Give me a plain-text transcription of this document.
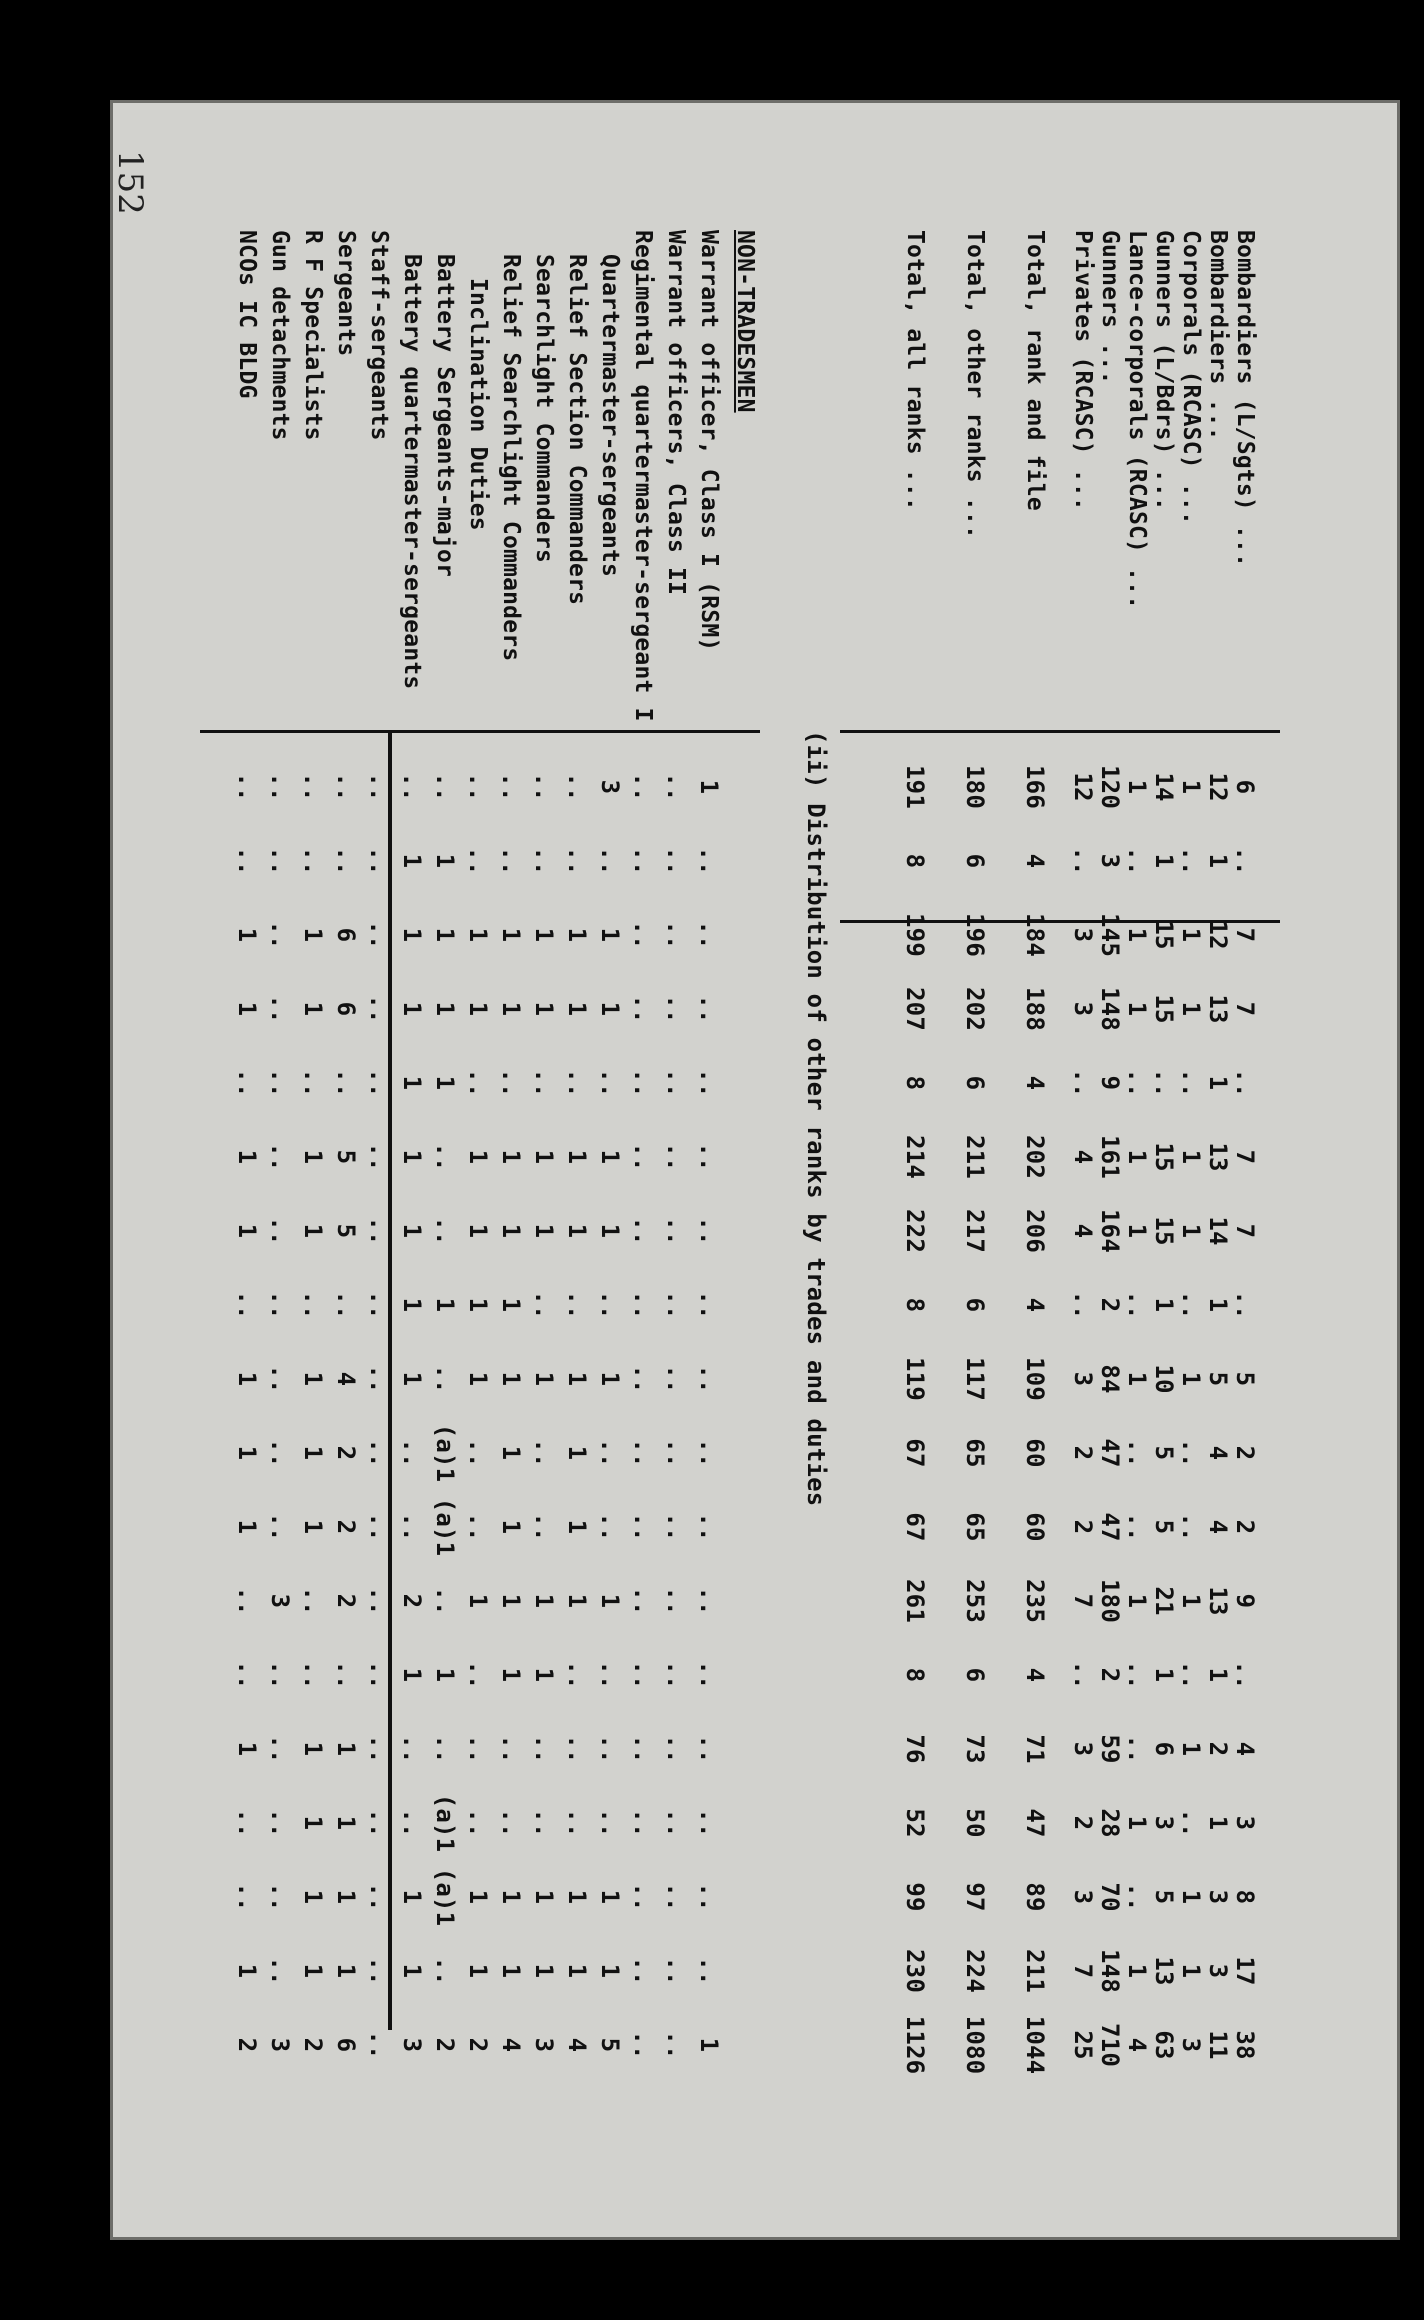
152
Bombardiers (L/Sgts) ...
6
..
7
7
..
7
7
..
5
2
2
9
..
4
3
8
17
38
Bombardiers ...
12
1
12
13
1
13
14
1
5
4
4
13
1
2
1
3
3
11
Corporals (RCASC) ...
1
..
1
1
..
1
1
..
1
..
..
1
..
1
..
1
1
3
Gunners (L/Bdrs) ...
14
1
15
15
..
15
15
1
10
5
5
21
1
6
3
5
13
63
Lance-corporals (RCASC) ...
1
..
1
1
..
1
1
..
1
..
..
1
..
..
1
..
1
4
Gunners ...
120
3
145
148
9
161
164
2
84
47
47
180
2
59
28
70
148
710
Privates (RCASC) ...
12
..
3
3
..
4
4
..
3
2
2
7
..
3
2
3
7
25
Total, rank and file
166
4
184
188
4
202
206
4
109
60
60
235
4
71
47
89
211
1044
Total, other ranks ...
180
6
196
202
6
211
217
6
117
65
65
253
6
73
50
97
224
1080
Total, all ranks ...
191
8
199
207
8
214
222
8
119
67
67
261
8
76
52
99
230
1126
(ii) Distribution of other ranks by trades and duties
NON-TRADESMEN
Warrant officer, Class I (RSM)
1
..
..
..
..
..
..
..
..
..
..
..
..
..
..
..
..
1
Warrant officers, Class II
..
..
..
..
..
..
..
..
..
..
..
..
..
..
..
..
..
..
Regimental quartermaster-sergeant I
..
..
..
..
..
..
..
..
..
..
..
..
..
..
..
..
..
..
Quartermaster-sergeants
3
..
1
1
..
1
1
..
1
..
..
1
..
..
..
1
1
5
Relief Section Commanders
..
..
1
1
..
1
1
..
1
1
1
1
..
..
..
1
1
4
Searchlight Commanders
..
..
1
1
..
1
1
..
1
..
..
1
1
..
..
1
1
3
Relief Searchlight Commanders
..
..
1
1
..
1
1
1
1
1
1
1
1
..
..
1
1
4
Inclination Duties
..
..
1
1
..
1
1
1
1
..
..
1
..
..
..
1
1
2
Battery Sergeants-major
..
1
1
1
1
..
..
1
..
(a)1
(a)1
..
1
..
(a)1
(a)1
..
2
Battery quartermaster-sergeants
..
1
1
1
1
1
1
1
1
..
..
2
1
..
..
1
1
3
Staff-sergeants
..
..
..
..
..
..
..
..
..
..
..
..
..
..
..
..
..
..
Sergeants
..
..
6
6
..
5
5
..
4
2
2
2
..
1
1
1
1
6
R F Specialists
..
..
1
1
..
1
1
..
1
1
1
..
..
1
1
1
1
2
Gun detachments
..
..
..
..
..
..
..
..
..
..
..
3
..
..
..
..
..
3
NCOs IC BLDG
..
..
1
1
..
1
1
..
1
1
1
..
..
1
..
..
1
2
